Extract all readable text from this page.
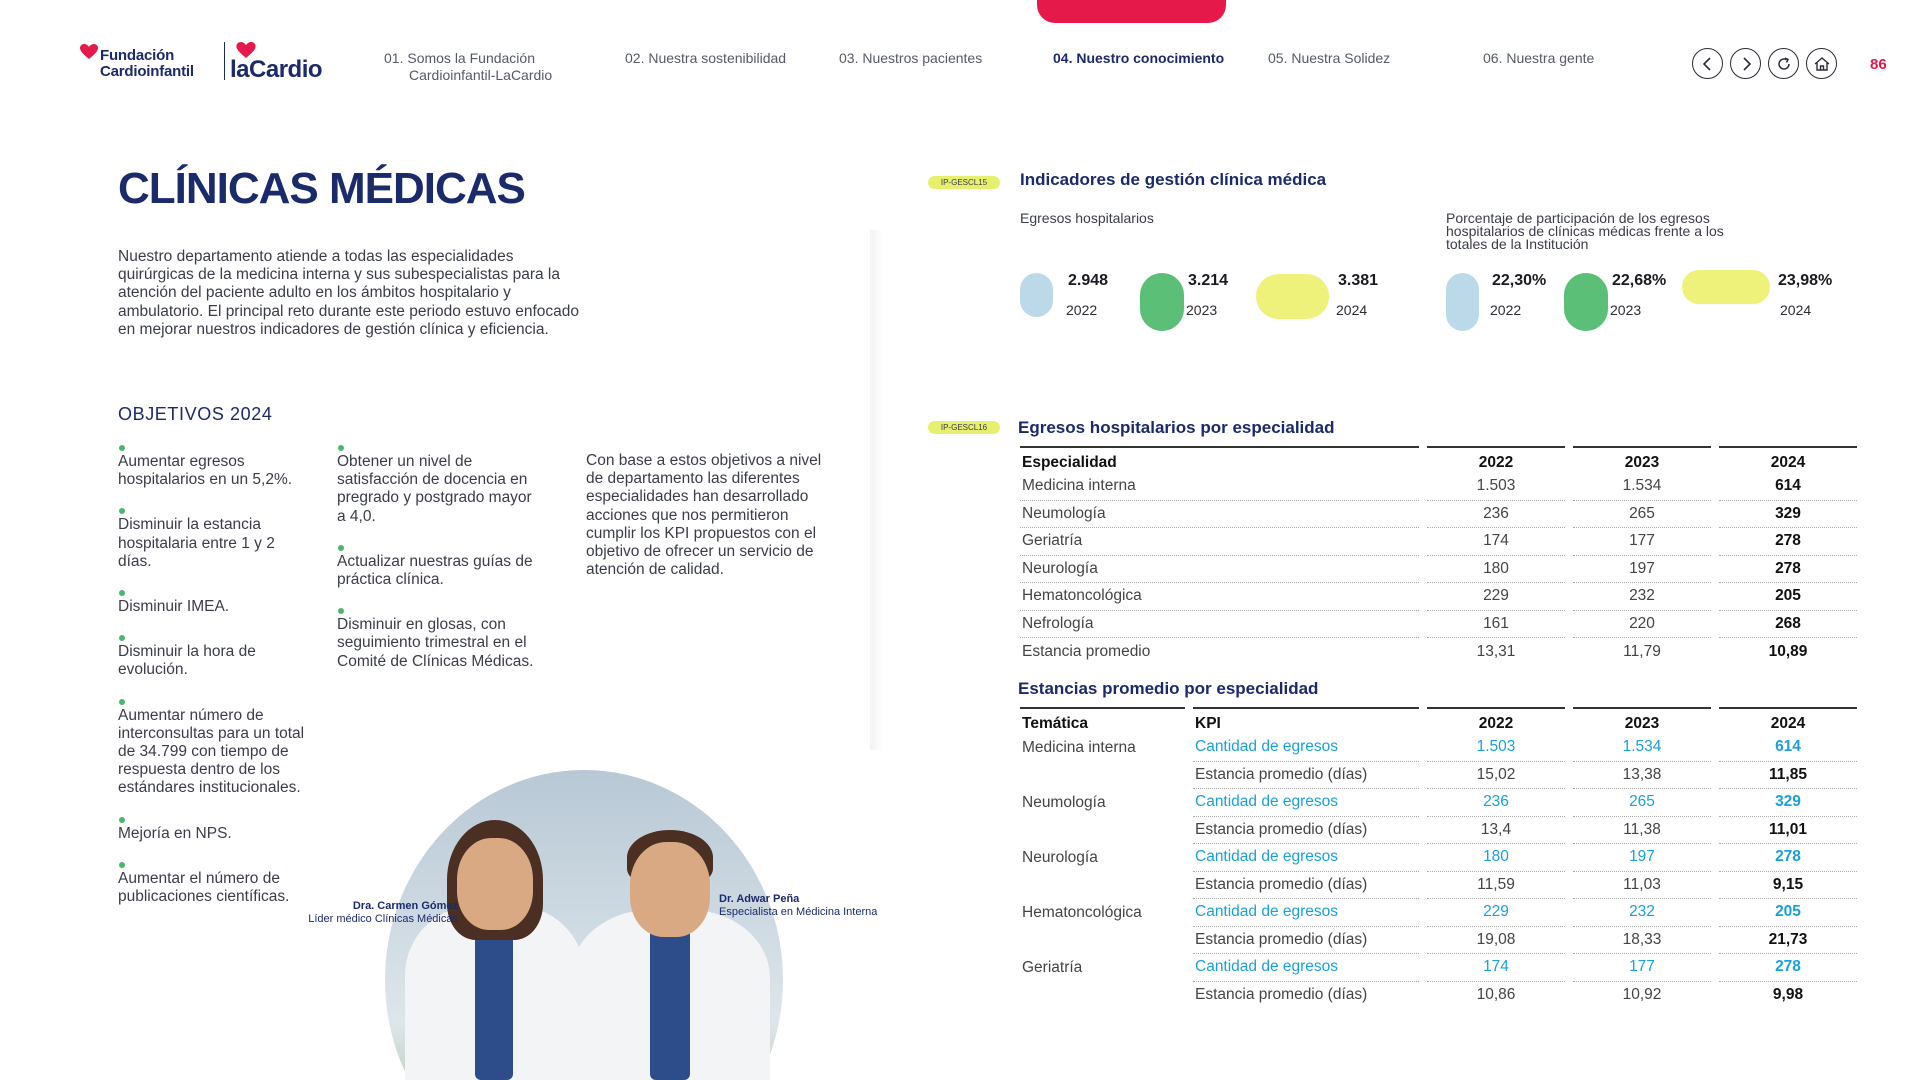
Fundación
Cardioinfantil laCardio	01. Somos la Fundación
Cardioinfantil-LaCardio
02. Nuestra sostenibilidad	03. Nuestros pacientes	04. Nuestro conocimiento	05. Nuestra Solidez	06. Nuestra gente	86
CLÍNICAS MÉDICAS
Nuestro departamento atiende a todas las especialidades quirúrgicas de la medicina interna y sus subespecialistas para la atención del paciente adulto en los ámbitos hospitalario y ambulatorio. El principal reto durante este periodo estuvo enfocado en mejorar nuestros indicadores de gestión clínica y eficiencia.
OBJETIVOS 2024
Aumentar egresos hospitalarios en un 5,2%.
Disminuir la estancia hospitalaria entre 1 y 2 días.
Disminuir IMEA.
Disminuir la hora de evolución.
Aumentar número de interconsultas para un total de 34.799 con tiempo de respuesta dentro de los estándares institucionales.
Mejoría en NPS.
Aumentar el número de publicaciones científicas.
Obtener un nivel de satisfacción de docencia en pregrado y postgrado mayor a 4,0.
Actualizar nuestras guías de práctica clínica.
Disminuir en glosas, con seguimiento trimestral en el Comité de Clínicas Médicas.
Con base a estos objetivos a nivel de departamento las diferentes especialidades han desarrollado acciones que nos permitieron cumplir los KPI propuestos con el objetivo de ofrecer un servicio de atención de calidad.
Dra. Carmen Gómez
Líder médico Clínicas Médicas
Dr. Adwar Peña
Especialista en Médicina Interna
IP-GESCL15	Indicadores de gestión clínica médica
Egresos hospitalarios	Porcentaje de participación de los egresos hospitalarios de clínicas médicas frente a los totales de la Institución
2.948
2022
3.214
2023
3.381
2024
22,30%
2022
22,68%
2023
23,98%
2024
IP-GESCL16	Egresos hospitalarios por especialidad
Especialidad	2022	2023	2024
Medicina interna	1.503	1.534	614
Neumología	236	265	329
Geriatría	174	177	278
Neurología	180	197	278
Hematoncológica	229	232	205
Nefrología	161	220	268
Estancia promedio	13,31	11,79	10,89
Estancias promedio por especialidad
Temática	KPI	2022	2023	2024
Medicina interna	Cantidad de egresos	1.503	1.534	614
	Estancia promedio (días)	15,02	13,38	11,85
Neumología	Cantidad de egresos	236	265	329
	Estancia promedio (días)	13,4	11,38	11,01
Neurología	Cantidad de egresos	180	197	278
	Estancia promedio (días)	11,59	11,03	9,15
Hematoncológica	Cantidad de egresos	229	232	205
	Estancia promedio (días)	19,08	18,33	21,73
Geriatría	Cantidad de egresos	174	177	278
	Estancia promedio (días)	10,86	10,92	9,98
